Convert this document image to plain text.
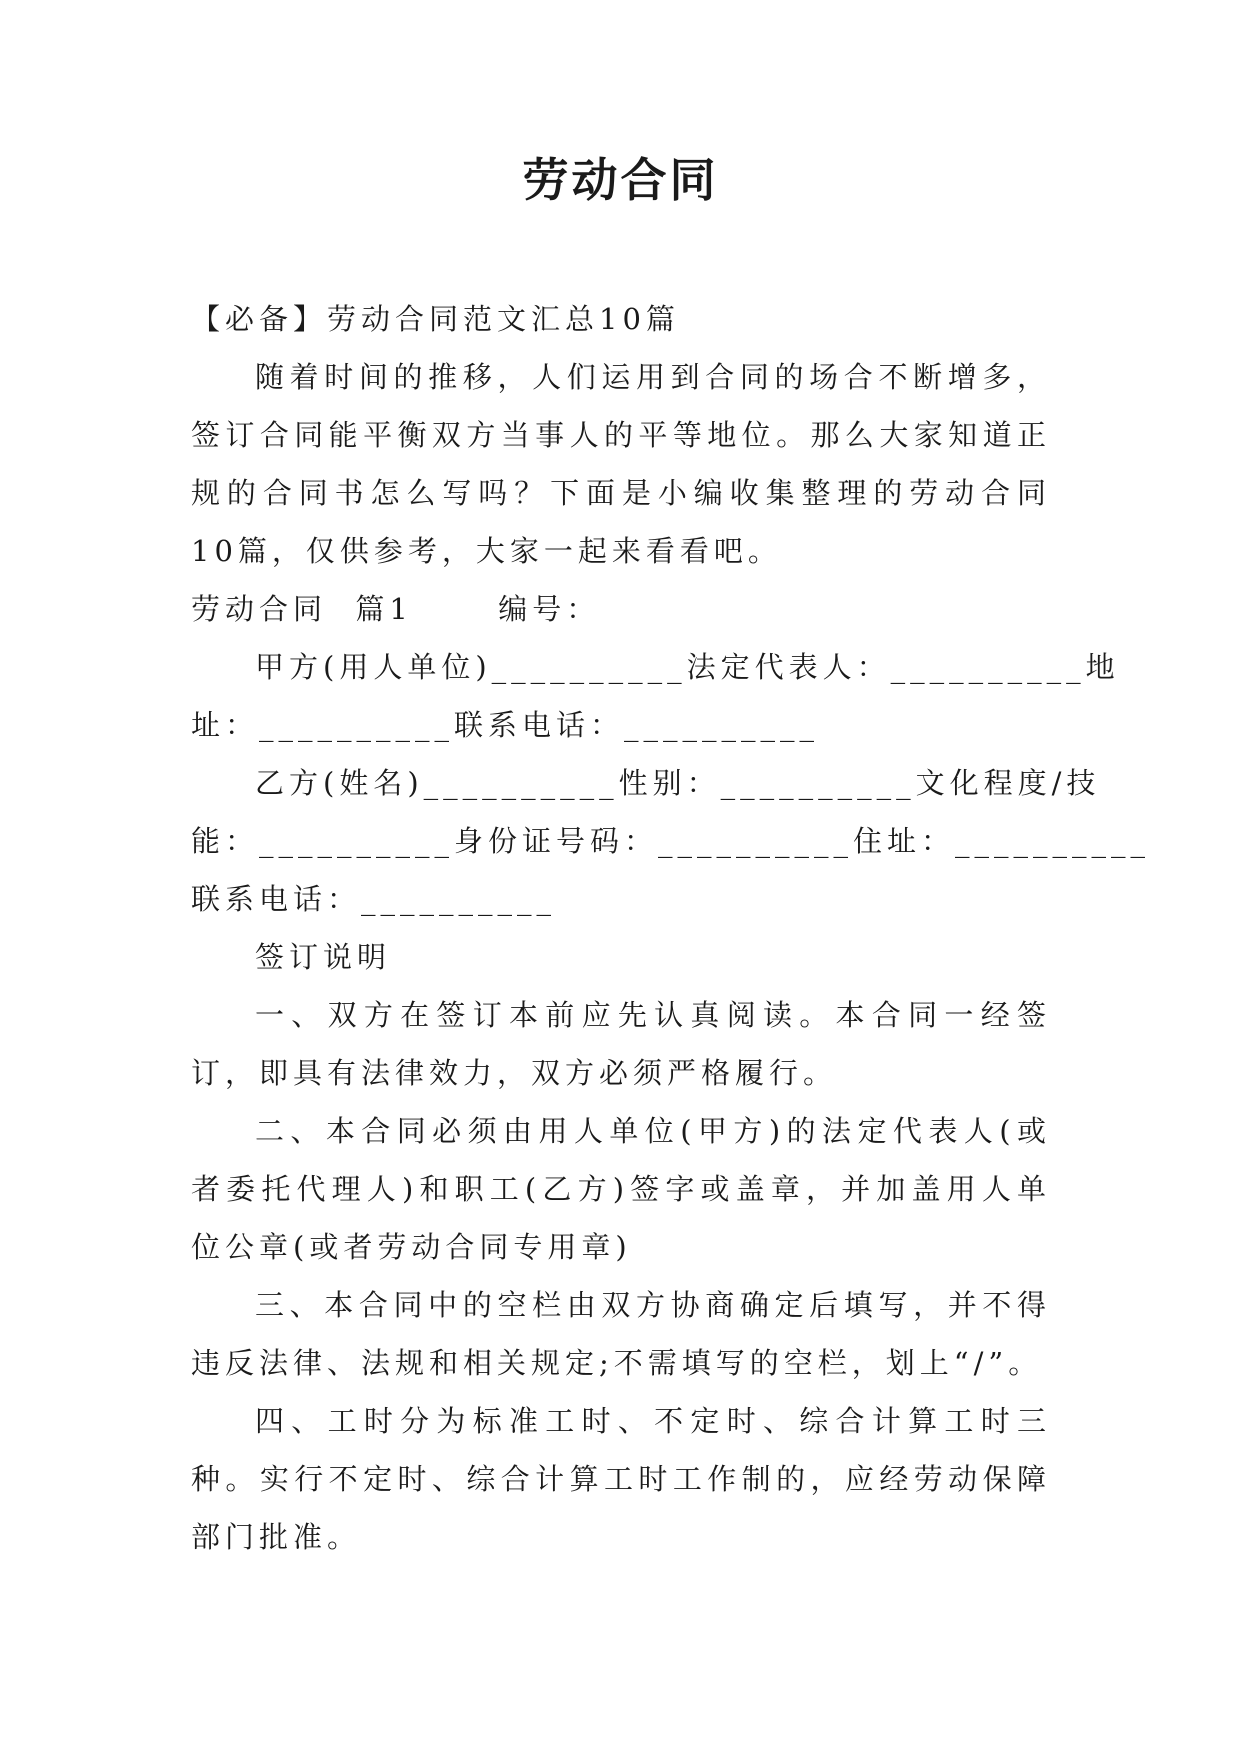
劳动合同

【必备】劳动合同范文汇总10篇

随着时间的推移，人们运用到合同的场合不断增多，签订合同能平衡双方当事人的平等地位。那么大家知道正规的合同书怎么写吗？下面是小编收集整理的劳动合同10篇，仅供参考，大家一起来看看吧。

劳动合同  篇1      编号：

甲方(用人单位)__________法定代表人：__________地

址：__________联系电话：__________

乙方(姓名)__________性别：__________文化程度/技

能：__________身份证号码：__________住址：__________

联系电话：__________

签订说明

一、双方在签订本前应先认真阅读。本合同一经签订，即具有法律效力，双方必须严格履行。

二、本合同必须由用人单位(甲方)的法定代表人(或者委托代理人)和职工(乙方)签字或盖章，并加盖用人单位公章(或者劳动合同专用章)

三、本合同中的空栏由双方协商确定后填写，并不得违反法律、法规和相关规定;不需填写的空栏，划上“/”。

四、工时分为标准工时、不定时、综合计算工时三种。实行不定时、综合计算工时工作制的，应经劳动保障部门批准。
